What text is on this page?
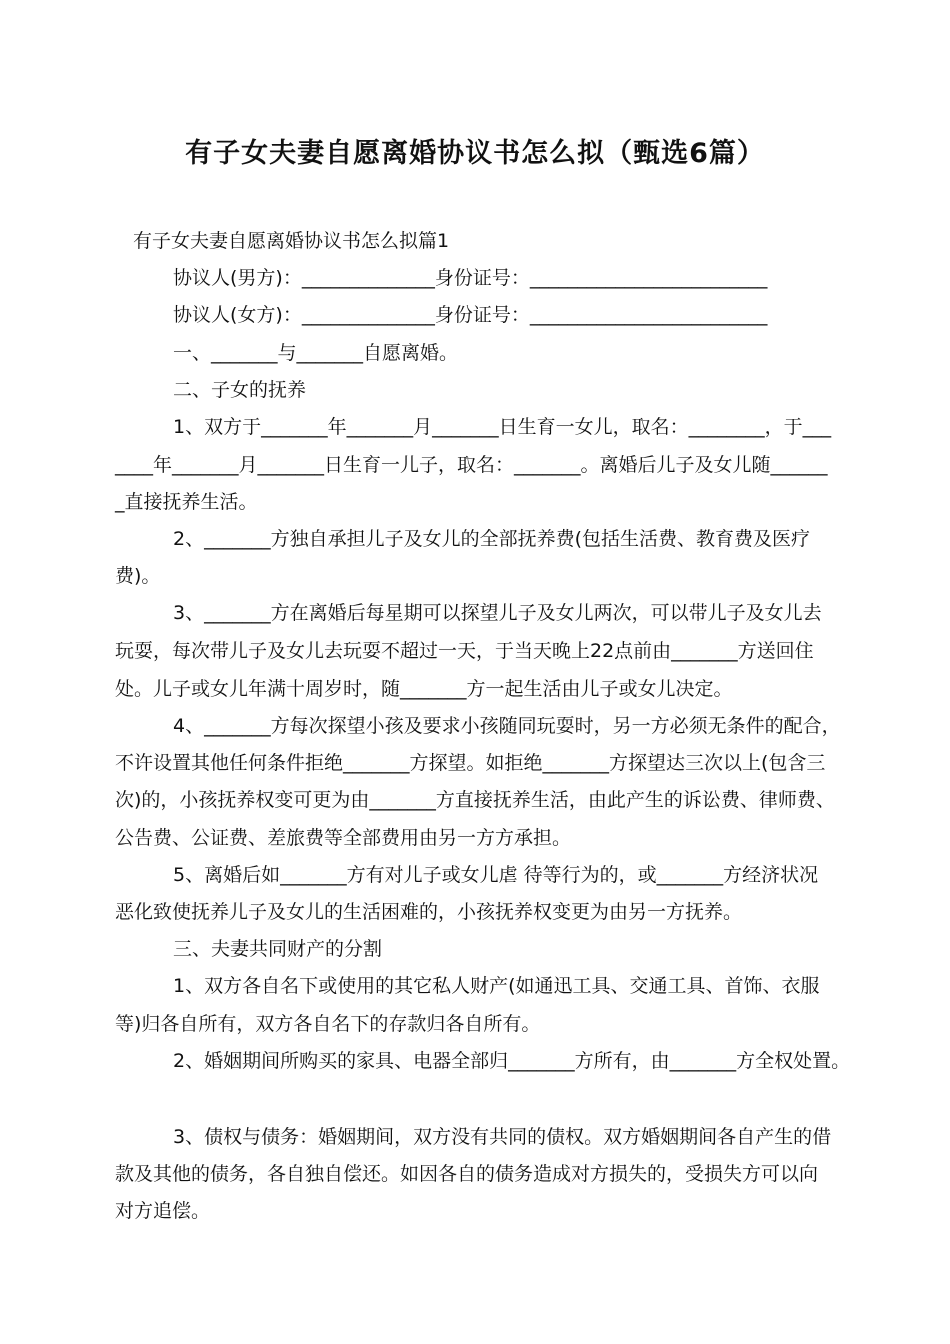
有子女夫妻自愿离婚协议书怎么拟（甄选6篇）
有子女夫妻自愿离婚协议书怎么拟篇1
协议人(男方)：______________身份证号：_________________________
协议人(女方)：______________身份证号：_________________________
一、_______与_______自愿离婚。
二、子女的抚养
1、双方于_______年_______月_______日生育一女儿，取名：________，于___
____年_______月_______日生育一儿子，取名：_______。离婚后儿子及女儿随______
_直接抚养生活。
2、_______方独自承担儿子及女儿的全部抚养费(包括生活费、教育费及医疗
费)。
3、_______方在离婚后每星期可以探望儿子及女儿两次，可以带儿子及女儿去
玩耍，每次带儿子及女儿去玩耍不超过一天，于当天晚上22点前由_______方送回住
处。儿子或女儿年满十周岁时，随_______方一起生活由儿子或女儿决定。
4、_______方每次探望小孩及要求小孩随同玩耍时，另一方必须无条件的配合，
不许设置其他任何条件拒绝_______方探望。如拒绝_______方探望达三次以上(包含三
次)的，小孩抚养权变可更为由_______方直接抚养生活，由此产生的诉讼费、律师费、
公告费、公证费、差旅费等全部费用由另一方方承担。
5、离婚后如_______方有对儿子或女儿虐 待等行为的，或_______方经济状况
恶化致使抚养儿子及女儿的生活困难的，小孩抚养权变更为由另一方抚养。
三、夫妻共同财产的分割
1、双方各自名下或使用的其它私人财产(如通迅工具、交通工具、首饰、衣服
等)归各自所有，双方各自名下的存款归各自所有。
2、婚姻期间所购买的家具、电器全部归_______方所有，由_______方全权处置。
3、债权与债务：婚姻期间，双方没有共同的债权。双方婚姻期间各自产生的借
款及其他的债务，各自独自偿还。如因各自的债务造成对方损失的，受损失方可以向
对方追偿。
